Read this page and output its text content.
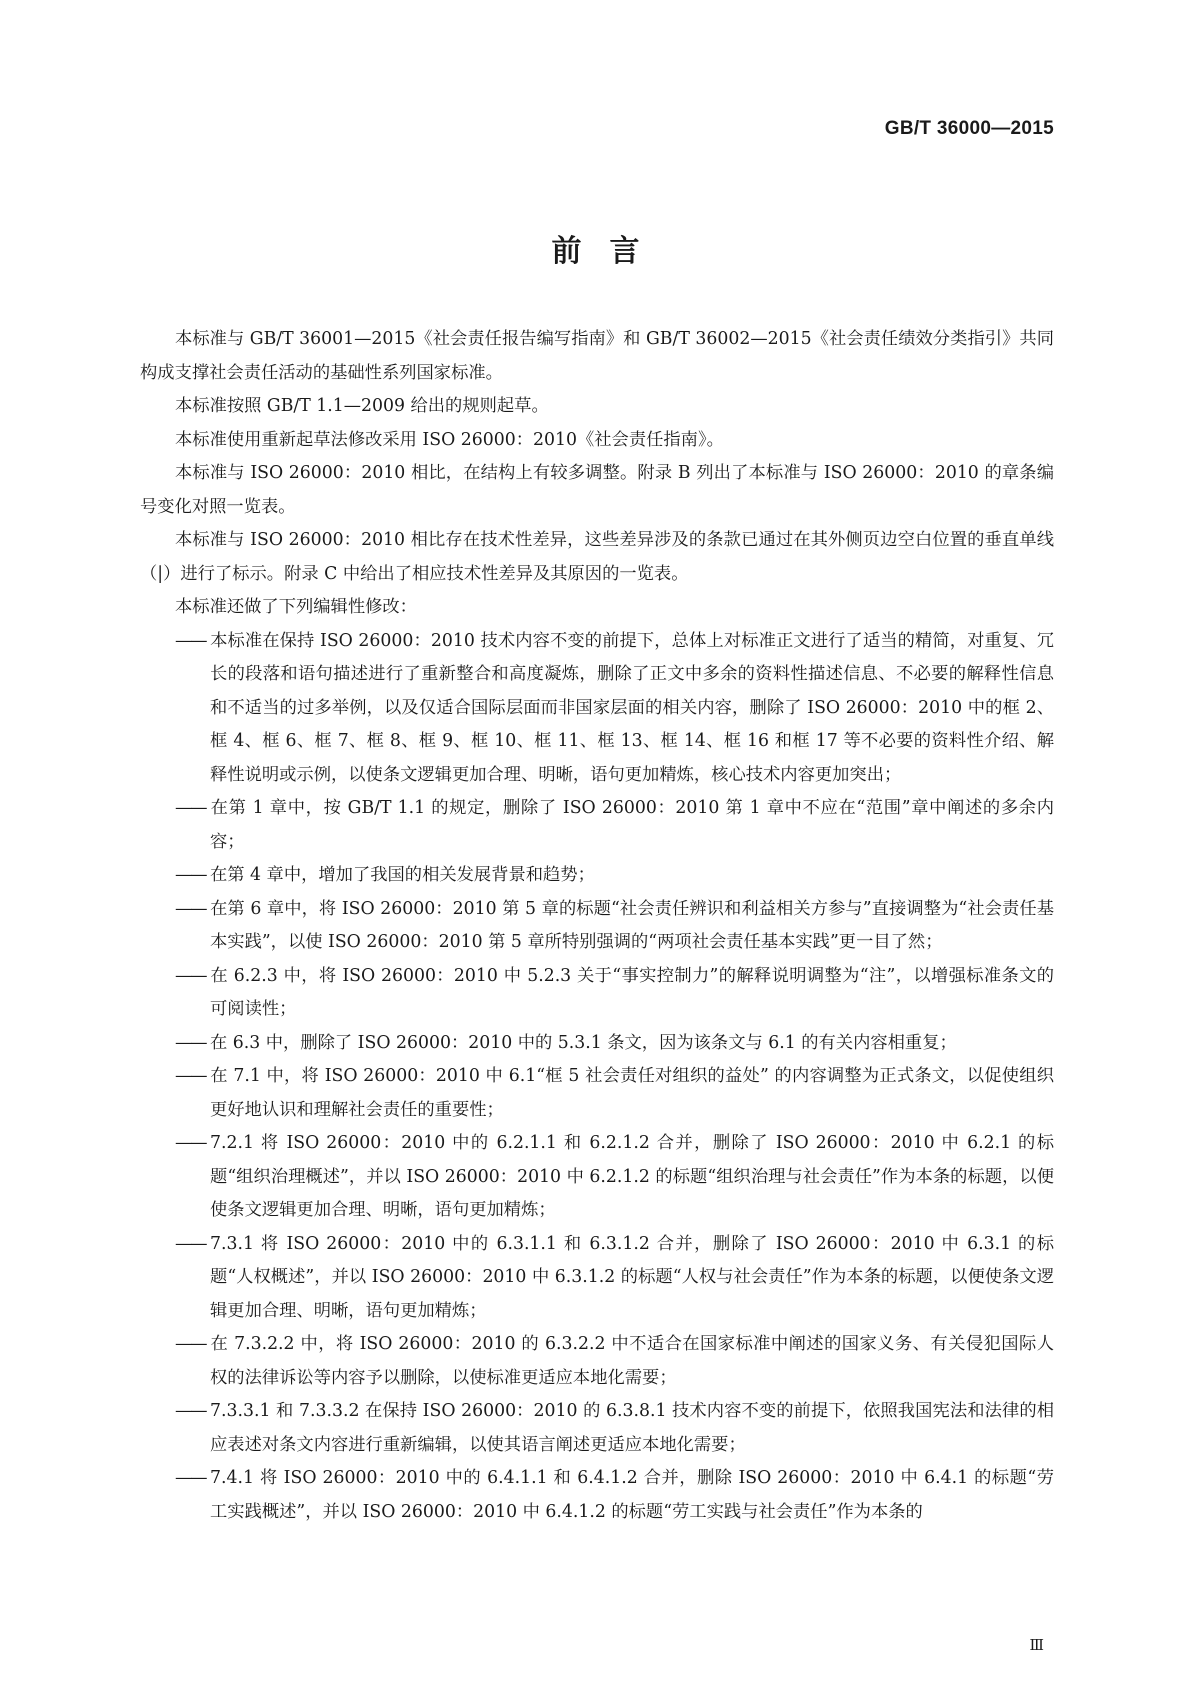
GB/T 36000—2015
前言

本标准与 GB/T 36001—2015《社会责任报告编写指南》和 GB/T 36002—2015《社会责任绩效分类指引》共同构成支撑社会责任活动的基础性系列国家标准。

本标准按照 GB/T 1.1—2009 给出的规则起草。

本标准使用重新起草法修改采用 ISO 26000：2010《社会责任指南》。

本标准与 ISO 26000：2010 相比，在结构上有较多调整。附录 B 列出了本标准与 ISO 26000：2010 的章条编号变化对照一览表。

本标准与 ISO 26000：2010 相比存在技术性差异，这些差异涉及的条款已通过在其外侧页边空白位置的垂直单线（|）进行了标示。附录 C 中给出了相应技术性差异及其原因的一览表。

本标准还做了下列编辑性修改：

—— 本标准在保持 ISO 26000：2010 技术内容不变的前提下，总体上对标准正文进行了适当的精简，对重复、冗长的段落和语句描述进行了重新整合和高度凝炼，删除了正文中多余的资料性描述信息、不必要的解释性信息和不适当的过多举例，以及仅适合国际层面而非国家层面的相关内容，删除了 ISO 26000：2010 中的框 2、框 4、框 6、框 7、框 8、框 9、框 10、框 11、框 13、框 14、框 16 和框 17 等不必要的资料性介绍、解释性说明或示例，以使条文逻辑更加合理、明晰，语句更加精炼，核心技术内容更加突出；
—— 在第 1 章中，按 GB/T 1.1 的规定，删除了 ISO 26000：2010 第 1 章中不应在“范围”章中阐述的多余内容；
—— 在第 4 章中，增加了我国的相关发展背景和趋势；
—— 在第 6 章中，将 ISO 26000：2010 第 5 章的标题“社会责任辨识和利益相关方参与”直接调整为“社会责任基本实践”，以使 ISO 26000：2010 第 5 章所特别强调的“两项社会责任基本实践”更一目了然；
—— 在 6.2.3 中，将 ISO 26000：2010 中 5.2.3 关于“事实控制力”的解释说明调整为“注”，以增强标准条文的可阅读性；
—— 在 6.3 中，删除了 ISO 26000：2010 中的 5.3.1 条文，因为该条文与 6.1 的有关内容相重复；
—— 在 7.1 中，将 ISO 26000：2010 中 6.1“框 5 社会责任对组织的益处” 的内容调整为正式条文，以促使组织更好地认识和理解社会责任的重要性；
—— 7.2.1 将 ISO 26000：2010 中的 6.2.1.1 和 6.2.1.2 合并，删除了 ISO 26000：2010 中 6.2.1 的标题“组织治理概述”，并以 ISO 26000：2010 中 6.2.1.2 的标题“组织治理与社会责任”作为本条的标题，以便使条文逻辑更加合理、明晰，语句更加精炼；
—— 7.3.1 将 ISO 26000：2010 中的 6.3.1.1 和 6.3.1.2 合并，删除了 ISO 26000：2010 中 6.3.1 的标题“人权概述”，并以 ISO 26000：2010 中 6.3.1.2 的标题“人权与社会责任”作为本条的标题，以便使条文逻辑更加合理、明晰，语句更加精炼；
—— 在 7.3.2.2 中，将 ISO 26000：2010 的 6.3.2.2 中不适合在国家标准中阐述的国家义务、有关侵犯国际人权的法律诉讼等内容予以删除，以使标准更适应本地化需要；
—— 7.3.3.1 和 7.3.3.2 在保持 ISO 26000：2010 的 6.3.8.1 技术内容不变的前提下，依照我国宪法和法律的相应表述对条文内容进行重新编辑，以使其语言阐述更适应本地化需要；
—— 7.4.1 将 ISO 26000：2010 中的 6.4.1.1 和 6.4.1.2 合并，删除 ISO 26000：2010 中 6.4.1 的标题“劳工实践概述”，并以 ISO 26000：2010 中 6.4.1.2 的标题“劳工实践与社会责任”作为本条的
Ⅲ
